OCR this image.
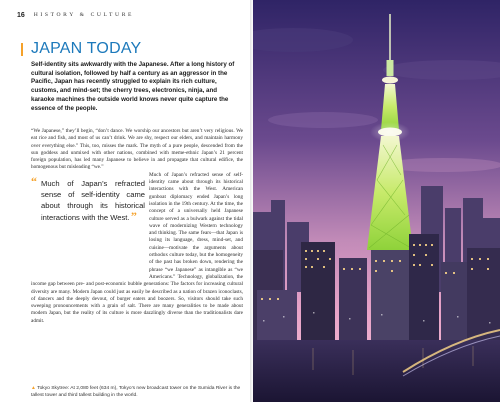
16 HISTORY & CULTURE
JAPAN TODAY

Self-identity sits awkwardly with the Japanese. After a long history of cultural isolation, followed by half a century as an aggressor in the Pacific, Japan has recently struggled to explain its rich culture, customs, and mind-set; the cherry trees, electronics, ninja, and karaoke machines the outside world knows never quite capture the essence of the people.

“We Japanese,” they’ll begin, “don’t dance. We worship our ancestors but aren’t very religious. We eat rice and fish, and most of us can’t drink. We are shy, respect our elders, and maintain harmony over everything else.” This, too, misses the mark. The myth of a pure people, descended from the sun goddess and unmixed with other nations, combined with meme-ethnic Japan’s 21 percent foreign population, has led many Japanese to believe in and propagate that cultural edifice, the homogenous but misleading “we.”

“ Much of Japan’s refracted sense of self-identity came about through its historical interactions with the West. ”

Much of Japan’s refracted sense of self-identity came about through its historical interactions with the West. American gunboat diplomacy ended Japan’s long isolation in the 19th century. At the time, the concept of a universally held Japanese culture served as a bulwark against the tidal wave of modernizing Western technology and thinking. The same fears—that Japan is losing its language, dress, mind-set, and cuisine—motivate the arguments about orthodox culture today, but the homogeneity of the past has broken down, rendering the phrase “we Japanese” as intangible as “we Americans.” Technology, globalization, the income gap between pre- and post-economic bubble generations: The factors for increasing cultural diversity are many. Modern Japan could just as easily be described as a nation of brazen iconoclasts, of dancers and the deeply devout, of burger eaters and boozers. So, visitors should take such sweeping pronouncements with a grain of salt. There are many generalities to be made about modern Japan, but the reality of its culture is more dazzlingly diverse than the traditionalists dare admit.

▲ Tokyo Skytree: At 2,080 feet (634 m), Tokyo’s new broadcast tower on the Sumida River is the tallest tower and third tallest building in the world.
